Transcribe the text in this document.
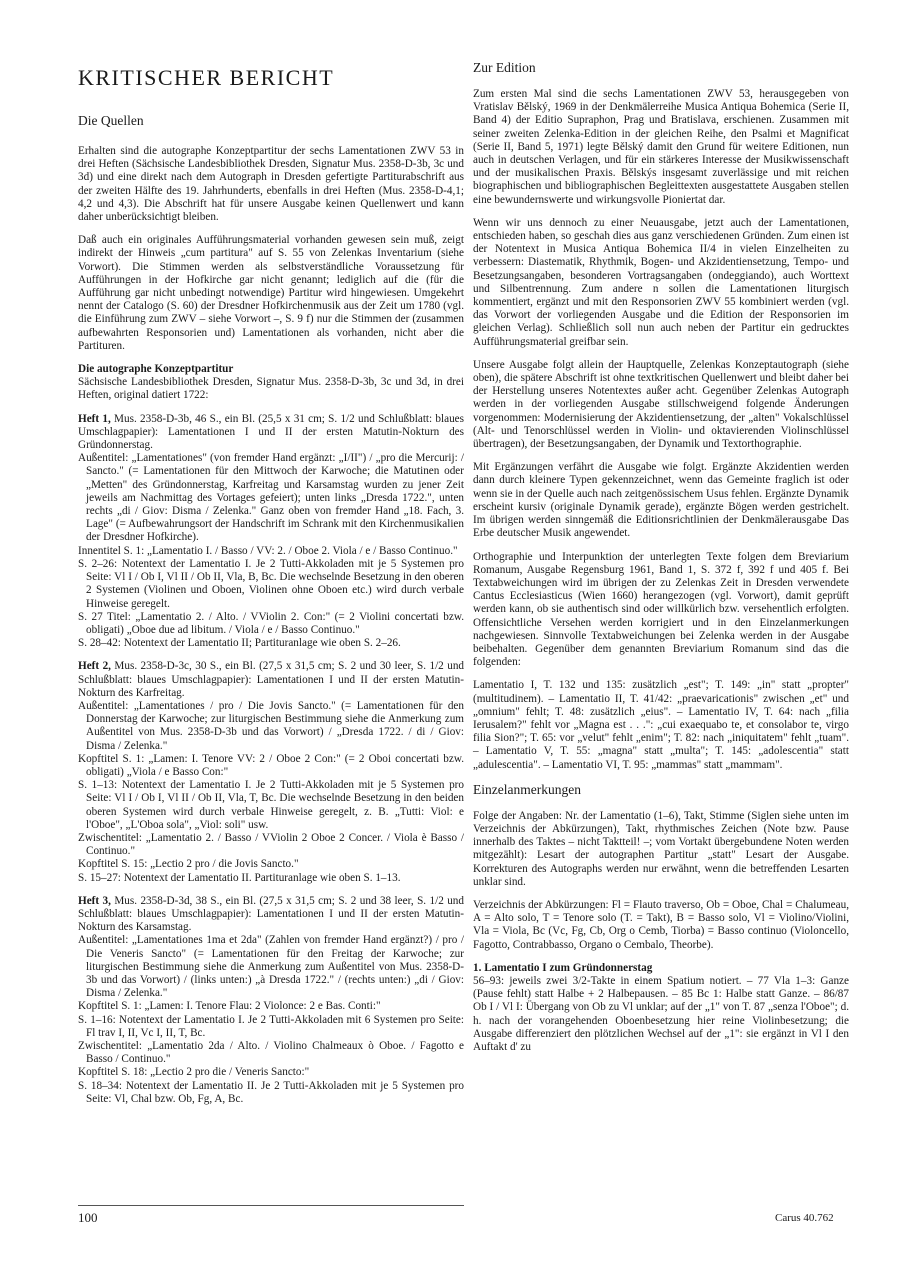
KRITISCHER BERICHT
Die Quellen

Erhalten sind die autographe Konzeptpartitur der sechs Lamentationen ZWV 53 in drei Heften (Sächsische Landesbibliothek Dresden, Signatur Mus. 2358-D-3b, 3c und 3d) und eine direkt nach dem Autograph in Dresden gefertigte Partiturabschrift aus der zweiten Hälfte des 19. Jahrhunderts, ebenfalls in drei Heften (Mus. 2358-D-4,1; 4,2 und 4,3). Die Abschrift hat für unsere Ausgabe keinen Quellenwert und kann daher unberücksichtigt bleiben.

Daß auch ein originales Aufführungsmaterial vorhanden gewesen sein muß, zeigt indirekt der Hinweis „cum partitura" auf S. 55 von Zelenkas Inventarium (siehe Vorwort). Die Stimmen werden als selbstverständliche Voraussetzung für Aufführungen in der Hofkirche gar nicht genannt; lediglich auf die (für die Aufführung gar nicht unbedingt notwendige) Partitur wird hingewiesen. Umgekehrt nennt der Catalogo (S. 60) der Dresdner Hofkirchenmusik aus der Zeit um 1780 (vgl. die Einführung zum ZWV – siehe Vorwort –, S. 9 f) nur die Stimmen der (zusammen aufbewahrten Responsorien und) Lamentationen als vorhanden, nicht aber die Partituren.

Die autographe Konzeptpartitur

Sächsische Landesbibliothek Dresden, Signatur Mus. 2358-D-3b, 3c und 3d, in drei Heften, original datiert 1722:

Heft 1, Mus. 2358-D-3b, 46 S., ein Bl. (25,5 x 31 cm; S. 1/2 und Schlußblatt: blaues Umschlagpapier): Lamentationen I und II der ersten Matutin-Nokturn des Gründonnerstag.

Außentitel: „Lamentationes" (von fremder Hand ergänzt: „I/II") / „pro die Mercurij: / Sancto." (= Lamentationen für den Mittwoch der Karwoche; die Matutinen oder „Metten" des Gründonnerstag, Karfreitag und Karsamstag wurden zu jener Zeit jeweils am Nachmittag des Vortages gefeiert); unten links „Dresda 1722.", unten rechts „di / Giov: Disma / Zelenka." Ganz oben von fremder Hand „18. Fach, 3. Lage" (= Aufbewahrungsort der Handschrift im Schrank mit den Kirchenmusikalien der Dresdner Hofkirche).

Innentitel S. 1: „Lamentatio I. / Basso / VV: 2. / Oboe 2. Viola / e / Basso Continuo."

S. 2–26: Notentext der Lamentatio I. Je 2 Tutti-Akkoladen mit je 5 Systemen pro Seite: Vl I / Ob I, Vl II / Ob II, Vla, B, Bc. Die wechselnde Besetzung in den oberen 2 Systemen (Violinen und Oboen, Violinen ohne Oboen etc.) wird durch verbale Hinweise geregelt.

S. 27 Titel: „Lamentatio 2. / Alto. / VViolin 2. Con:" (= 2 Violini concertati bzw. obligati) „Oboe due ad libitum. / Viola / e / Basso Continuo."

S. 28–42: Notentext der Lamentatio II; Partituranlage wie oben S. 2–26.

Heft 2, Mus. 2358-D-3c, 30 S., ein Bl. (27,5 x 31,5 cm; S. 2 und 30 leer, S. 1/2 und Schlußblatt: blaues Umschlagpapier): Lamentationen I und II der ersten Matutin-Nokturn des Karfreitag.

Außentitel: „Lamentationes / pro / Die Jovis Sancto." (= Lamentationen für den Donnerstag der Karwoche; zur liturgischen Bestimmung siehe die Anmerkung zum Außentitel von Mus. 2358-D-3b und das Vorwort) / „Dresda 1722. / di / Giov: Disma / Zelenka."

Kopftitel S. 1: „Lamen: I. Tenore VV: 2 / Oboe 2 Con:" (= 2 Oboi concertati bzw. obligati) „Viola / e Basso Con:"

S. 1–13: Notentext der Lamentatio I. Je 2 Tutti-Akkoladen mit je 5 Systemen pro Seite: Vl I / Ob I, Vl II / Ob II, Vla, T, Bc. Die wechselnde Besetzung in den beiden oberen Systemen wird durch verbale Hinweise geregelt, z. B. „Tutti: Viol: e l'Oboe", „L'Oboa sola", „Viol: soli" usw.

Zwischentitel: „Lamentatio 2. / Basso / VViolin 2 Oboe 2 Concer. / Viola è Basso / Continuo."

Kopftitel S. 15: „Lectio 2 pro / die Jovis Sancto."

S. 15–27: Notentext der Lamentatio II. Partituranlage wie oben S. 1–13.

Heft 3, Mus. 2358-D-3d, 38 S., ein Bl. (27,5 x 31,5 cm; S. 2 und 38 leer, S. 1/2 und Schlußblatt: blaues Umschlagpapier): Lamentationen I und II der ersten Matutin-Nokturn des Karsamstag.

Außentitel: „Lamentationes 1ma et 2da" (Zahlen von fremder Hand ergänzt?) / pro / Die Veneris Sancto" (= Lamentationen für den Freitag der Karwoche; zur liturgischen Bestimmung siehe die Anmerkung zum Außentitel von Mus. 2358-D-3b und das Vorwort) / (links unten:) „à Dresda 1722." / (rechts unten:) „di / Giov: Disma / Zelenka."

Kopftitel S. 1: „Lamen: I. Tenore Flau: 2 Violonce: 2 e Bas. Conti:"

S. 1–16: Notentext der Lamentatio I. Je 2 Tutti-Akkoladen mit 6 Systemen pro Seite: Fl trav I, II, Vc I, II, T, Bc.

Zwischentitel: „Lamentatio 2da / Alto. / Violino Chalmeaux ò Oboe. / Fagotto e Basso / Continuo."

Kopftitel S. 18: „Lectio 2 pro die / Veneris Sancto:"

S. 18–34: Notentext der Lamentatio II. Je 2 Tutti-Akkoladen mit je 5 Systemen pro Seite: Vl, Chal bzw. Ob, Fg, A, Bc.

Zur Edition

Zum ersten Mal sind die sechs Lamentationen ZWV 53, herausgegeben von Vratislav Bělský, 1969 in der Denkmälerreihe Musica Antiqua Bohemica (Serie II, Band 4) der Editio Supraphon, Prag und Bratislava, erschienen. Zusammen mit seiner zweiten Zelenka-Edition in der gleichen Reihe, den Psalmi et Magnificat (Serie II, Band 5, 1971) legte Bělský damit den Grund für weitere Editionen, nun auch in deutschen Verlagen, und für ein stärkeres Interesse der Musikwissenschaft und der musikalischen Praxis. Bělskýs insgesamt zuverlässige und mit reichen biographischen und bibliographischen Begleittexten ausgestattete Ausgaben stellen eine bewundernswerte und wirkungsvolle Pioniertat dar.

Wenn wir uns dennoch zu einer Neuausgabe, jetzt auch der Lamentationen, entschieden haben, so geschah dies aus ganz verschiedenen Gründen. Zum einen ist der Notentext in Musica Antiqua Bohemica II/4 in vielen Einzelheiten zu verbessern: Diastematik, Rhythmik, Bogen- und Akzidentiensetzung, Tempo- und Besetzungsangaben, besonderen Vortragsangaben (ondeggiando), auch Worttext und Silbentrennung. Zum andere n sollen die Lamentationen liturgisch kommentiert, ergänzt und mit den Responsorien ZWV 55 kombiniert werden (vgl. das Vorwort der vorliegenden Ausgabe und die Edition der Responsorien im gleichen Verlag). Schließlich soll nun auch neben der Partitur ein gedrucktes Aufführungsmaterial greifbar sein.

Unsere Ausgabe folgt allein der Hauptquelle, Zelenkas Konzeptautograph (siehe oben), die spätere Abschrift ist ohne textkritischen Quellenwert und bleibt daher bei der Herstellung unseres Notentextes außer acht. Gegenüber Zelenkas Autograph werden in der vorliegenden Ausgabe stillschweigend folgende Änderungen vorgenommen: Modernisierung der Akzidentiensetzung, der „alten" Vokalschlüssel (Alt- und Tenorschlüssel werden in Violin- und oktavierenden Violinschlüssel übertragen), der Besetzungsangaben, der Dynamik und Textorthographie.

Mit Ergänzungen verfährt die Ausgabe wie folgt. Ergänzte Akzidentien werden dann durch kleinere Typen gekennzeichnet, wenn das Gemeinte fraglich ist oder wenn sie in der Quelle auch nach zeitgenössischem Usus fehlen. Ergänzte Dynamik erscheint kursiv (originale Dynamik gerade), ergänzte Bögen werden gestrichelt. Im übrigen werden sinngemäß die Editionsrichtlinien der Denkmälerausgabe Das Erbe deutscher Musik angewendet.

Orthographie und Interpunktion der unterlegten Texte folgen dem Breviarium Romanum, Ausgabe Regensburg 1961, Band 1, S. 372 f, 392 f und 405 f. Bei Textabweichungen wird im übrigen der zu Zelenkas Zeit in Dresden verwendete Cantus Ecclesiasticus (Wien 1660) herangezogen (vgl. Vorwort), damit geprüft werden kann, ob sie authentisch sind oder willkürlich bzw. versehentlich erfolgten. Offensichtliche Versehen werden korrigiert und in den Einzelanmerkungen nachgewiesen. Sinnvolle Textabweichungen bei Zelenka werden in der Ausgabe beibehalten. Gegenüber dem genannten Breviarium Romanum sind das die folgenden:

Lamentatio I, T. 132 und 135: zusätzlich „est"; T. 149: „in" statt „propter" (multitudinem). – Lamentatio II, T. 41/42: „praevaricationis" zwischen „et" und „omnium" fehlt; T. 48: zusätzlich „eius". – Lamentatio IV, T. 64: nach „filia Ierusalem?" fehlt vor „Magna est . . .": „cui exaequabo te, et consolabor te, virgo filia Sion?"; T. 65: vor „velut" fehlt „enim"; T. 82: nach „iniquitatem" fehlt „tuam". – Lamentatio V, T. 55: „magna" statt „multa"; T. 145: „adolescentia" statt „adulescentia". – Lamentatio VI, T. 95: „mammas" statt „mammam".

Einzelanmerkungen

Folge der Angaben: Nr. der Lamentatio (1–6), Takt, Stimme (Siglen siehe unten im Verzeichnis der Abkürzungen), Takt, rhythmisches Zeichen (Note bzw. Pause innerhalb des Taktes – nicht Taktteil! –; vom Vortakt übergebundene Noten werden mitgezählt): Lesart der autographen Partitur „statt" Lesart der Ausgabe. Korrekturen des Autographs werden nur erwähnt, wenn die betreffenden Lesarten unklar sind.

Verzeichnis der Abkürzungen: Fl = Flauto traverso, Ob = Oboe, Chal = Chalumeau, A = Alto solo, T = Tenore solo (T. = Takt), B = Basso solo, Vl = Violino/Violini, Vla = Viola, Bc (Vc, Fg, Cb, Org o Cemb, Tiorba) = Basso continuo (Violoncello, Fagotto, Contrabbasso, Organo o Cembalo, Theorbe).

1. Lamentatio I zum Gründonnerstag

56–93: jeweils zwei 3/2-Takte in einem Spatium notiert. – 77 Vla 1–3: Ganze (Pause fehlt) statt Halbe + 2 Halbepausen. – 85 Bc 1: Halbe statt Ganze. – 86/87 Ob I / Vl I: Übergang von Ob zu Vl unklar; auf der „1" von T. 87 „senza l'Oboe"; d. h. nach der vorangehenden Oboenbesetzung hier reine Violinbesetzung; die Ausgabe differenziert den plötzlichen Wechsel auf der „1": sie ergänzt in Vl I den Auftakt d' zu

100	Carus 40.762
